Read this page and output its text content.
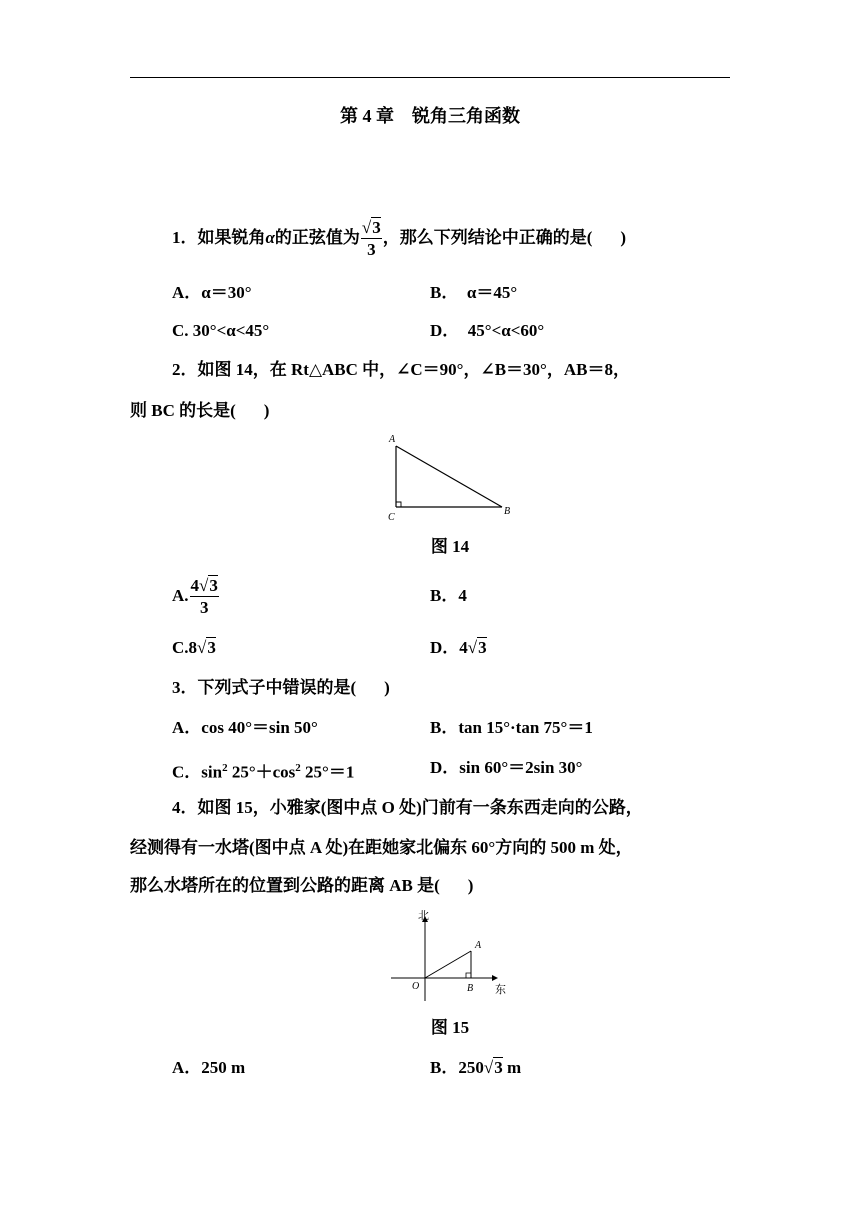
第 4 章　锐角三角函数
1．如果锐角α的正弦值为 $\frac{√3}{3}$ ，那么下列结论中正确的是( )
A．α＝30°	B．　α＝45°
C. 30°<α<45°	D．　45°<α<60°
2．如图 14，在 Rt△ABC 中，∠C＝90°，∠B＝30°，AB＝8，
则 BC 的长是( )
A
C
B
图 14
A. $\frac{4√3}{3}$	B．4
C.8√3	D．4√3
3．下列式子中错误的是( )
A．cos 40°＝sin 50°	B．tan 15°·tan 75°＝1
C．$\sin^2 25^\circ+\cos^2$ 25°＝1	D．sin 60°＝2sin 30°
4．如图 15，小雅家(图中点 O 处)门前有一条东西走向的公路，
经测得有一水塔(图中点 A 处)在距她家北偏东 60°方向的 500 m 处，
那么水塔所在的位置到公路的距离 AB 是( )
北
东
O
A
B
图 15
A．250 m	B．250√3 m
